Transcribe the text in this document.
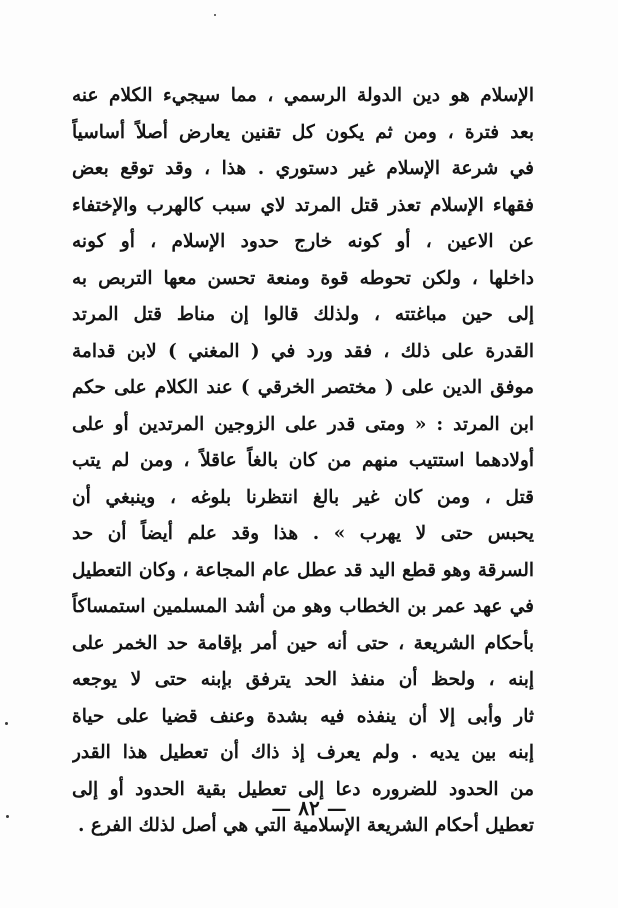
الإسلام هو دين الدولة الرسمي ، مما سيجيء الكلام عنه
بعد فترة ، ومن ثم يكون كل تقنين يعارض أصلاً أساسياً
في شرعة الإسلام غير دستوري . هذا ، وقد توقع بعض
فقهاء الإسلام تعذر قتل المرتد لاي سبب كالهرب والإختفاء
عن الاعين ، أو كونه خارج حدود الإسلام ، أو كونه
داخلها ، ولكن تحوطه قوة ومنعة تحسن معها التربص به
إلى حين مباغتته ، ولذلك قالوا إن مناط قتل المرتد
القدرة على ذلك ، فقد ورد في ( المغني ) لابن قدامة
موفق الدين على ( مختصر الخرقي ) عند الكلام على حكم
ابن المرتد : « ومتى قدر على الزوجين المرتدين أو على
أولادهما استتيب منهم من كان بالغاً عاقلاً ، ومن لم يتب
قتل ، ومن كان غير بالغ انتظرنا بلوغه ، وينبغي أن
يحبس حتى لا يهرب » . هذا وقد علم أيضاً أن حد
السرقة وهو قطع اليد قد عطل عام المجاعة ، وكان التعطيل
في عهد عمر بن الخطاب وهو من أشد المسلمين استمساكاً
بأحكام الشريعة ، حتى أنه حين أمر بإقامة حد الخمر على
إبنه ، ولحظ أن منفذ الحد يترفق بإبنه حتى لا يوجعه
ثار وأبى إلا أن ينفذه فيه بشدة وعنف قضيا على حياة
إبنه بين يديه . ولم يعرف إذ ذاك أن تعطيل هذا القدر
من الحدود للضروره دعا إلى تعطيل بقية الحدود أو إلى
تعطيل أحكام الشريعة الإسلامية التي هي أصل لذلك الفرع .
— ٨٢ —
